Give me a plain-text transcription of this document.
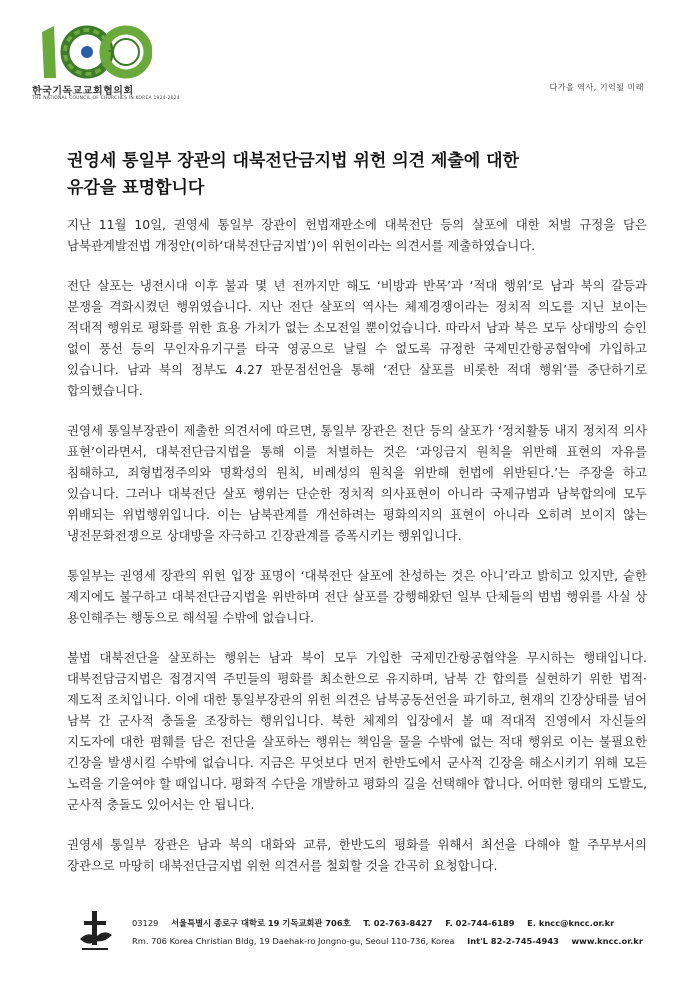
한국기독교교회협의회
THE NATIONAL COUNCIL OF CHURCHES IN KOREA 1924-2024
다가올 역사, 기억될 미래
권영세 통일부 장관의 대북전단금지법 위헌 의견 제출에 대한
유감을 표명합니다

지난 11월 10일, 권영세 통일부 장관이 헌법재판소에 대북전단 등의 살포에 대한 처벌 규정을 담은 남북관계발전법 개정안(이하‘대북전단금지법’)이 위헌이라는 의견서를 제출하였습니다.

전단 살포는 냉전시대 이후 불과 몇 년 전까지만 해도 ‘비방과 반목’과 ‘적대 행위’로 남과 북의 갈등과 분쟁을 격화시켰던 행위였습니다. 지난 전단 살포의 역사는 체제경쟁이라는 정치적 의도를 지닌 보이는 적대적 행위로 평화를 위한 효용 가치가 없는 소모전일 뿐이었습니다. 따라서 남과 북은 모두 상대방의 승인 없이 풍선 등의 무인자유기구를 타국 영공으로 날릴 수 없도록 규정한 국제민간항공협약에 가입하고 있습니다. 남과 북의 정부도 4.27 판문점선언을 통해 ‘전단 살포를 비롯한 적대 행위’를 중단하기로 합의했습니다.

권영세 통일부장관이 제출한 의견서에 따르면, 통일부 장관은 전단 등의 살포가 ‘정치활동 내지 정치적 의사 표현’이라면서, 대북전단금지법을 통해 이를 처벌하는 것은 ‘과잉금지 원칙을 위반해 표현의 자유를 침해하고, 죄형법정주의와 명확성의 원칙, 비례성의 원칙을 위반해 헌법에 위반된다.’는 주장을 하고 있습니다. 그러나 대북전단 살포 행위는 단순한 정치적 의사표현이 아니라 국제규범과 남북합의에 모두 위배되는 위법행위입니다. 이는 남북관계를 개선하려는 평화의지의 표현이 아니라 오히려 보이지 않는 냉전문화전쟁으로 상대방을 자극하고 긴장관계를 증폭시키는 행위입니다.

통일부는 권영세 장관의 위헌 입장 표명이 ‘대북전단 살포에 찬성하는 것은 아니’라고 밝히고 있지만, 숱한 제지에도 불구하고 대북전단금지법을 위반하며 전단 살포를 강행해왔던 일부 단체들의 범법 행위를 사실 상 용인해주는 행동으로 해석될 수밖에 없습니다.

불법 대북전단을 살포하는 행위는 남과 북이 모두 가입한 국제민간항공협약을 무시하는 행태입니다. 대북전담금지법은 접경지역 주민들의 평화를 최소한으로 유지하며, 남북 간 합의를 실현하기 위한 법적·제도적 조치입니다. 이에 대한 통일부장관의 위헌 의견은 남북공동선언을 파기하고, 현재의 긴장상태를 넘어 남북 간 군사적 충돌을 조장하는 행위입니다. 북한 체제의 입장에서 볼 때 적대적 진영에서 자신들의 지도자에 대한 폄훼를 담은 전단을 살포하는 행위는 책임을 물을 수밖에 없는 적대 행위로 이는 불필요한 긴장을 발생시킬 수밖에 없습니다. 지금은 무엇보다 먼저 한반도에서 군사적 긴장을 해소시키기 위해 모든 노력을 기울여야 할 때입니다. 평화적 수단을 개발하고 평화의 길을 선택해야 합니다. 어떠한 형태의 도발도, 군사적 충돌도 있어서는 안 됩니다.

권영세 통일부 장관은 남과 북의 대화와 교류, 한반도의 평화를 위해서 최선을 다해야 할 주무부서의 장관으로 마땅히 대북전단금지법 위헌 의견서를 철회할 것을 간곡히 요청합니다.

03129 서울특별시 종로구 대학로 19 기독교회관 706호 T. 02-763-8427 F. 02-744-6189 E. kncc@kncc.or.kr
Rm. 706 Korea Christian Bldg, 19 Daehak-ro Jongno-gu, Seoul 110-736, Korea Int'L 82-2-745-4943 www.kncc.or.kr
